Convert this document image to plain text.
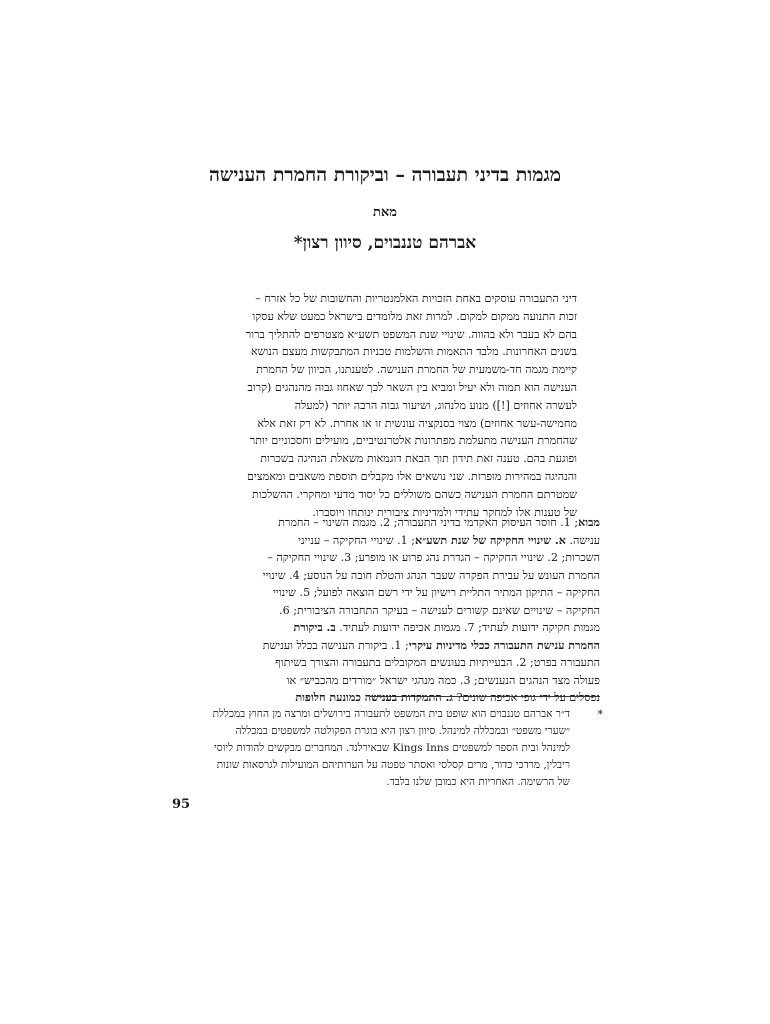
מגמות בדיני תעבורה – וביקורת החמרת הענישה
מאת
אברהם טננבוים, סיוון רצון*
דיני התעבורה עוסקים באחת הזכויות האלמנטריות והחשובות של כל אזרח –
זכות התנועה ממקום למקום. למרות זאת מלומדים בישראל כמעט שלא עסקו
בהם לא בעבר ולא בהווה. שינויי שנת המשפט תשע״א מצטרפים להתליך ברור
בשנים האחרונות. מלבד התאמות והשלמות טכניות המתבקשות מעצם הנושא
קיימת מגמה חד-משמעית של החמרת הענישה. לטענתנו, הכיוון של החמרת
הענישה הוא תמוה ולא יעיל ומביא בין השאר לכך שאחוז גבוה מהנהגים (קרוב
לעשרה אחוזים [!]) מנוע מלנהוג, ושיעור גבוה הרבה יותר (למעלה
מחמישה-עשר אחוזים) מצוי בסנקציה עונשית זו או אחרת. לא רק זאת אלא
שהחמרת הענישה מתעלמת מפתרונות אלטרנטיביים, מועילים וחסכוניים יותר
ופוגעת בהם. טענה זאת תידון תוך הבאת דוגמאות משאלת הנהיגה בשכרות
והנהיגה במהירות מופרזת. שני נושאים אלו מקבלים תוספת משאבים ומאמצים
שמטרתם החמרת הענישה כשהם משוללים כל יסוד מדעי ומחקרי. ההשלכות
של טענות אלו למחקר עתידי ולמדיניות ציבורית ינותחו ויוסברו.
מבוא; 1. חוסר העיסוק האקדמי בדיני התעבורה; 2. מגמת השינוי – החמרת
ענישה. א. שינויי החקיקה של שנת תשע״א; 1. שינויי החקיקה – ענייני
השכרות; 2. שינויי החקיקה – הגדרת נהג פרוע או מופרע; 3. שינויי החקיקה –
החמרת העונש על עבירת הפקרה שעבר הנהג והטלת חובה על הנוסע; 4. שינויי
החקיקה – התיקון המתיר התליית רישיון על ידי רשם הוצאה לפועל; 5. שינויי
החקיקה – שינויים שאינם קשורים לענישה – בעיקר התחבורה הציבורית; 6.
מגמות חקיקה ידועות לעתיד; 7. מגמות אכיפה ידועות לעתיד. ב. ביקורת
החמרת ענישת התעבורה ככלי מדיניות עיקרי; 1. ביקורת הענישה בכלל וענישת
התעבורה בפרט; 2. הבעייתיות בעונשים המקובלים בתעבורה והצורך בשיתוף
פעולה מצד הנהגים הנענשים; 3. כמה מנהגי ישראל ״מורדים מהכביש״ או
נפסלים על ידי גופי אכיפה שונים? ג. התמקדות בענישה כמונעת חלופות
*
ד״ר אברהם טננבוים הוא שופט בית המשפט לתעבורה בירושלים ומרצה מן החוץ במכללת
״שערי משפט״ ובמכללה למינהל. סיוון רצון היא בוגרת הפקולטה למשפטים במכללה
למינהל ובית הספר למשפטים Kings Inns שבאירלנד. המחברים מבקשים להודות ליוסי
ריבלין, מרדכי כדור, מרים קסלסי ואסתר טפטה על הערותיהם המועילות לגרסאות שונות
של הרשימה. האחריות היא כמובן שלנו בלבד.
95
